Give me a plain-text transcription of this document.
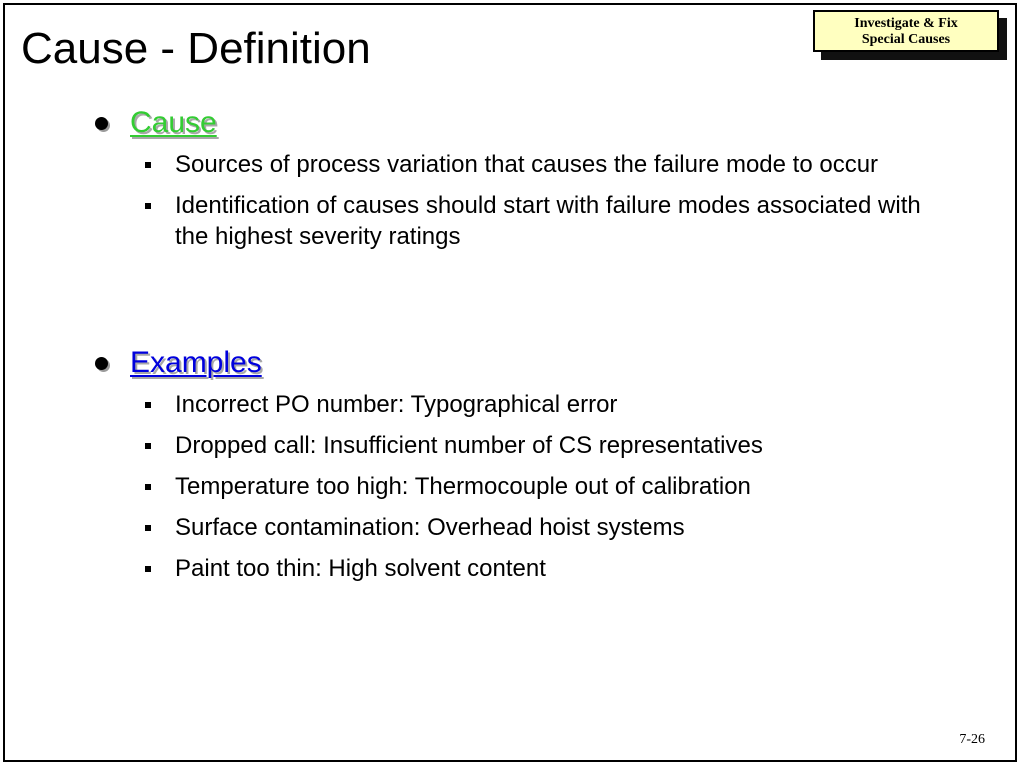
Cause - Definition
Investigate & Fix
Special Causes
Cause
Sources of process variation that causes the failure mode to occur
Identification of causes should start with failure modes associated with the highest severity ratings
Examples
Incorrect PO number: Typographical error
Dropped call: Insufficient number of CS representatives
Temperature too high: Thermocouple out of calibration
Surface contamination: Overhead hoist systems
Paint too thin: High solvent content
7-26
